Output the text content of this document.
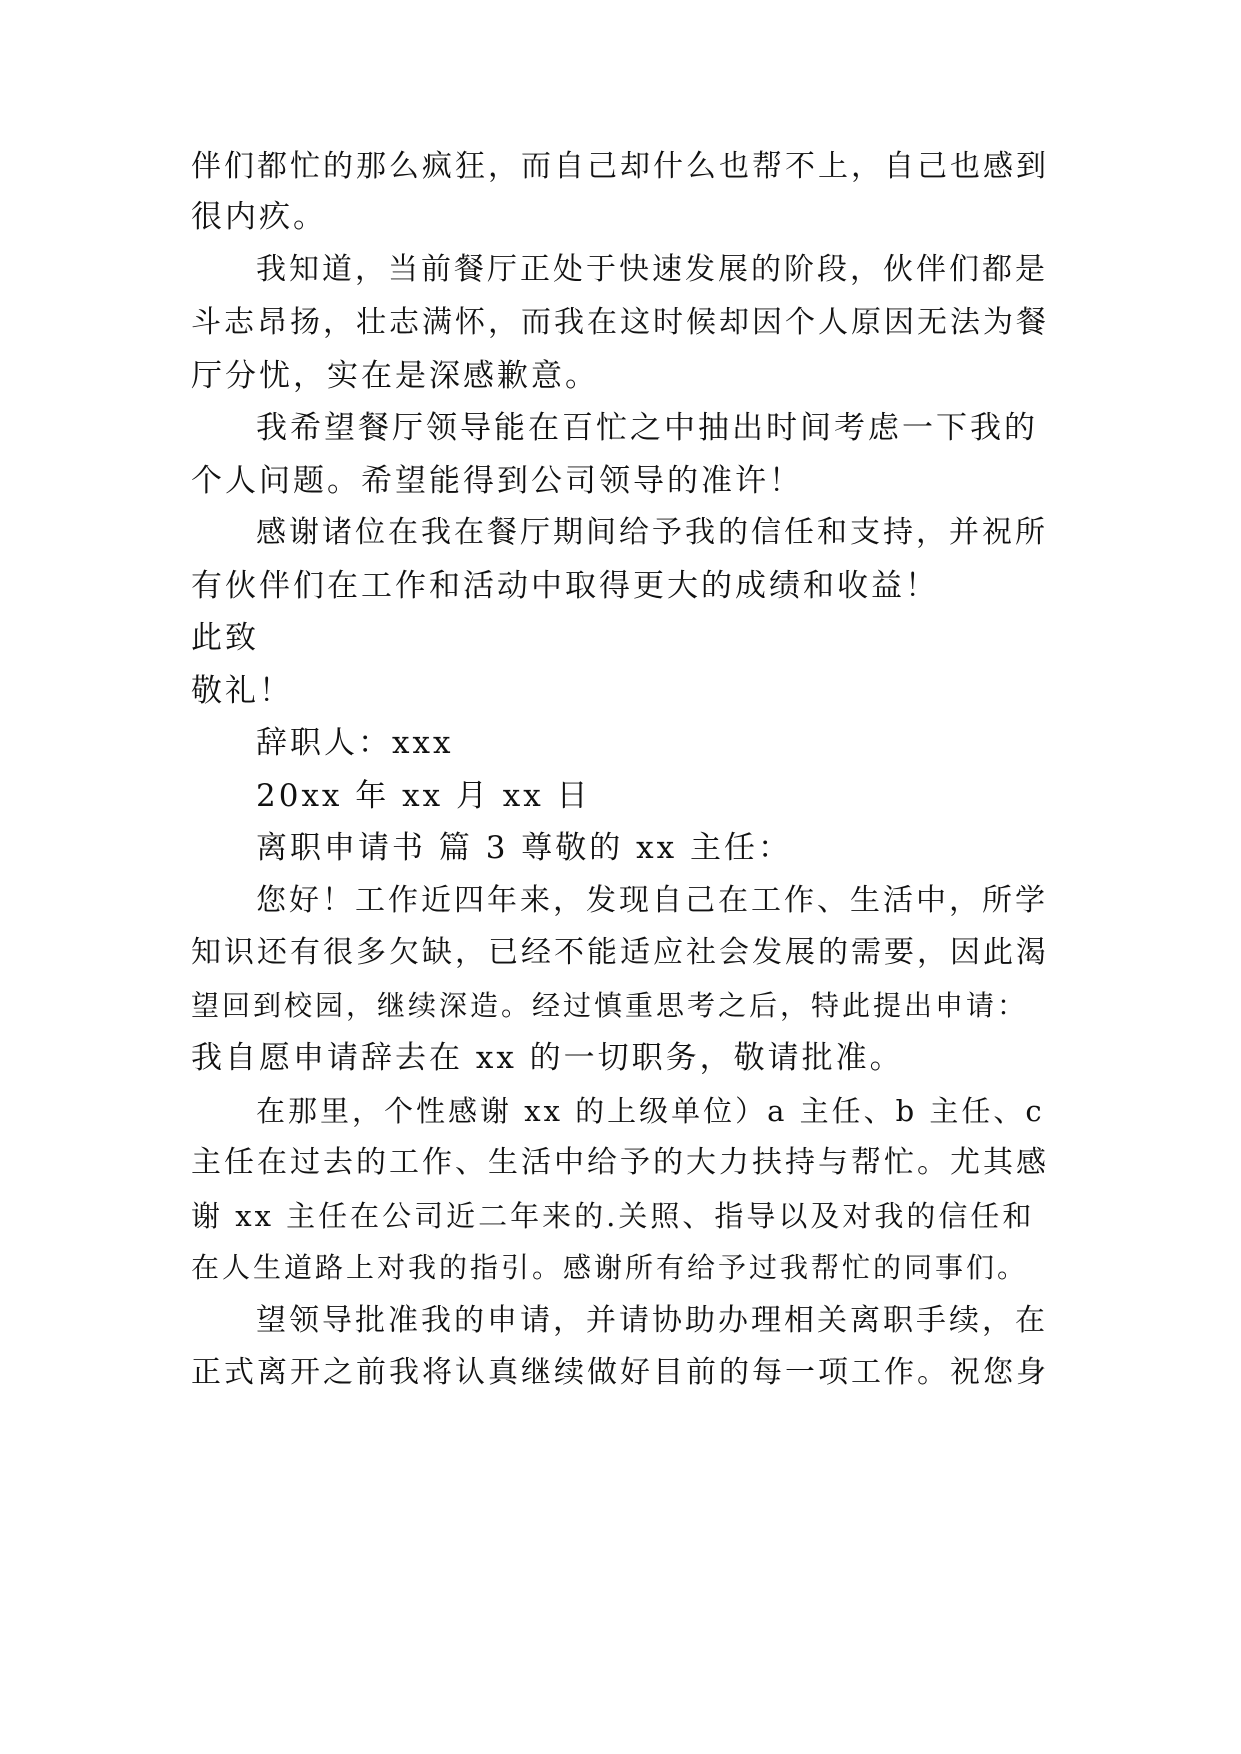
伴们都忙的那么疯狂，而自己却什么也帮不上，自己也感到
很内疚。
我知道，当前餐厅正处于快速发展的阶段，伙伴们都是
斗志昂扬，壮志满怀，而我在这时候却因个人原因无法为餐
厅分忧，实在是深感歉意。
我希望餐厅领导能在百忙之中抽出时间考虑一下我的
个人问题。希望能得到公司领导的准许！
感谢诸位在我在餐厅期间给予我的信任和支持，并祝所
有伙伴们在工作和活动中取得更大的成绩和收益！
此致
敬礼！
辞职人：xxx
20xx 年 xx 月 xx 日
离职申请书 篇 3 尊敬的 xx 主任：
您好！工作近四年来，发现自己在工作、生活中，所学
知识还有很多欠缺，已经不能适应社会发展的需要，因此渴
望回到校园，继续深造。经过慎重思考之后，特此提出申请：
我自愿申请辞去在 xx 的一切职务，敬请批准。
在那里，个性感谢 xx 的上级单位）a 主任、b 主任、c
主任在过去的工作、生活中给予的大力扶持与帮忙。尤其感
谢 xx 主任在公司近二年来的.关照、指导以及对我的信任和
在人生道路上对我的指引。感谢所有给予过我帮忙的同事们。
望领导批准我的申请，并请协助办理相关离职手续，在
正式离开之前我将认真继续做好目前的每一项工作。祝您身
